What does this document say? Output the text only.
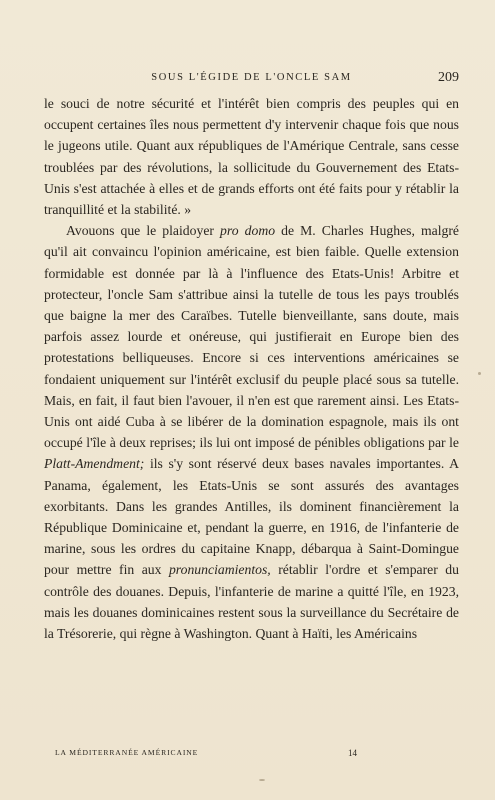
SOUS L'ÉGIDE DE L'ONCLE SAM	209

le souci de notre sécurité et l'intérêt bien compris des peuples qui en occupent certaines îles nous permettent d'y intervenir chaque fois que nous le jugeons utile. Quant aux républiques de l'Amérique Centrale, sans cesse troublées par des révolutions, la sollicitude du Gouvernement des Etats-Unis s'est attachée à elles et de grands efforts ont été faits pour y rétablir la tranquillité et la stabilité. »

Avouons que le plaidoyer pro domo de M. Charles Hughes, malgré qu'il ait convaincu l'opinion américaine, est bien faible. Quelle extension formidable est donnée par là à l'influence des Etats-Unis! Arbitre et protecteur, l'oncle Sam s'attribue ainsi la tutelle de tous les pays troublés que baigne la mer des Caraïbes. Tutelle bienveillante, sans doute, mais parfois assez lourde et onéreuse, qui justifierait en Europe bien des protestations belliqueuses. Encore si ces interventions américaines se fondaient uniquement sur l'intérêt exclusif du peuple placé sous sa tutelle. Mais, en fait, il faut bien l'avouer, il n'en est que rarement ainsi. Les Etats-Unis ont aidé Cuba à se libérer de la domination espagnole, mais ils ont occupé l'île à deux reprises; ils lui ont imposé de pénibles obligations par le Platt-Amendment; ils s'y sont réservé deux bases navales importantes. A Panama, également, les Etats-Unis se sont assurés des avantages exorbitants. Dans les grandes Antilles, ils dominent financièrement la République Dominicaine et, pendant la guerre, en 1916, de l'infanterie de marine, sous les ordres du capitaine Knapp, débarqua à Saint-Domingue pour mettre fin aux pronunciamientos, rétablir l'ordre et s'emparer du contrôle des douanes. Depuis, l'infanterie de marine a quitté l'île, en 1923, mais les douanes dominicaines restent sous la surveillance du Secrétaire de la Trésorerie, qui règne à Washington. Quant à Haïti, les Américains

LA MÉDITERRANÉE AMÉRICAINE	14
